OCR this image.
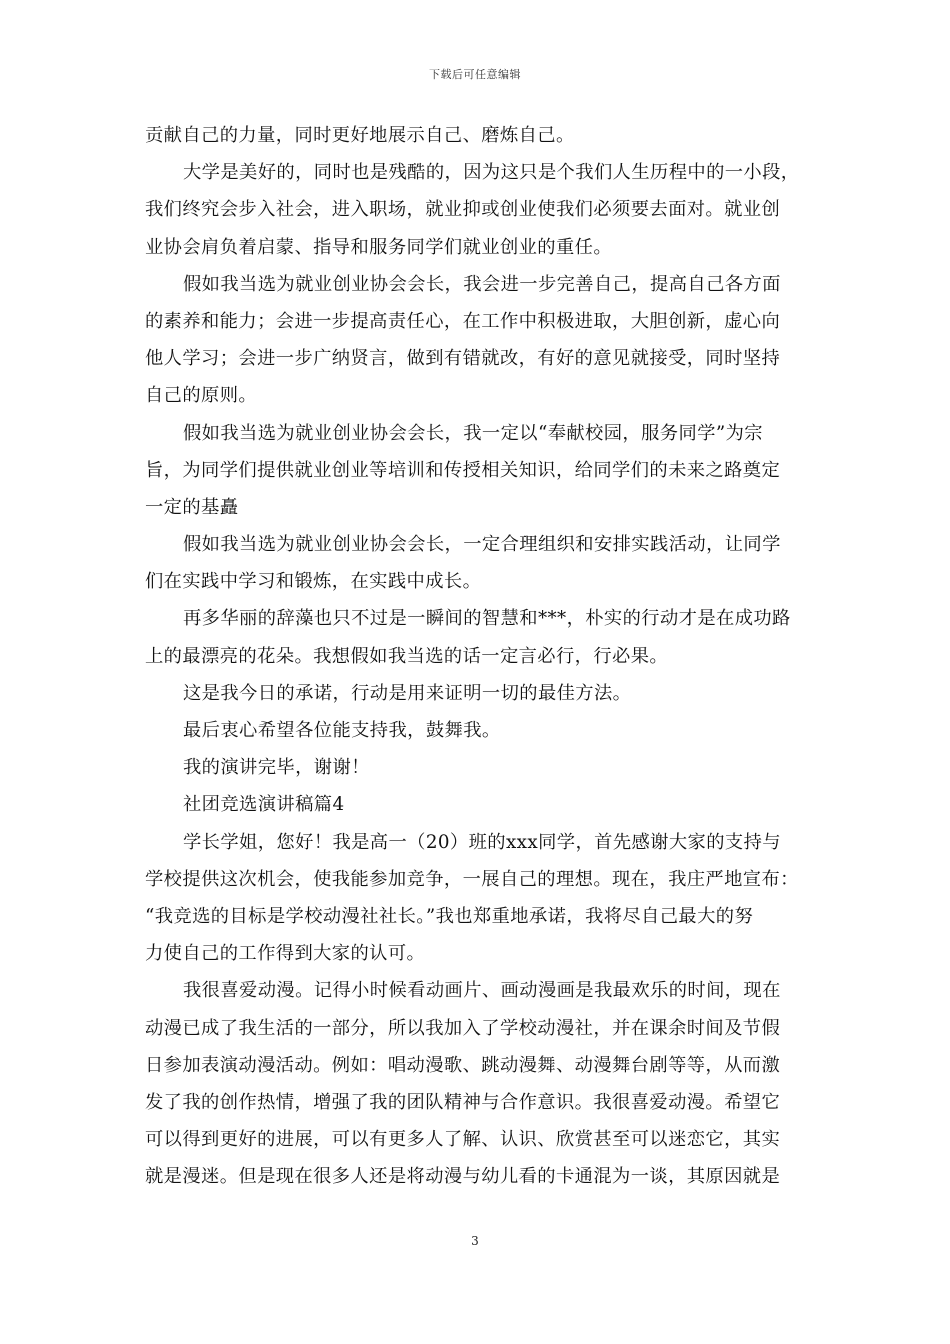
下载后可任意编辑
贡献自己的力量，同时更好地展示自己、磨炼自己。
大学是美好的，同时也是残酷的，因为这只是个我们人生历程中的一小段，
我们终究会步入社会，进入职场，就业抑或创业使我们必须要去面对。就业创
业协会肩负着启蒙、指导和服务同学们就业创业的重任。
假如我当选为就业创业协会会长，我会进一步完善自己，提高自己各方面
的素养和能力；会进一步提高责任心，在工作中积极进取，大胆创新，虚心向
他人学习；会进一步广纳贤言，做到有错就改，有好的意见就接受，同时坚持
自己的原则。
假如我当选为就业创业协会会长，我一定以“奉献校园，服务同学”为宗
旨，为同学们提供就业创业等培训和传授相关知识，给同学们的未来之路奠定
一定的基矗
假如我当选为就业创业协会会长，一定合理组织和安排实践活动，让同学
们在实践中学习和锻炼，在实践中成长。
再多华丽的辞藻也只不过是一瞬间的智慧和***，朴实的行动才是在成功路
上的最漂亮的花朵。我想假如我当选的话一定言必行，行必果。
这是我今日的承诺，行动是用来证明一切的最佳方法。
最后衷心希望各位能支持我，鼓舞我。
我的演讲完毕，谢谢！
社团竞选演讲稿篇4
学长学姐，您好！我是高一（20）班的xxx同学，首先感谢大家的支持与
学校提供这次机会，使我能参加竞争，一展自己的理想。现在，我庄严地宣布：
“我竞选的目标是学校动漫社社长。”我也郑重地承诺，我将尽自己最大的努
力使自己的工作得到大家的认可。
我很喜爱动漫。记得小时候看动画片、画动漫画是我最欢乐的时间，现在
动漫已成了我生活的一部分，所以我加入了学校动漫社，并在课余时间及节假
日参加表演动漫活动。例如：唱动漫歌、跳动漫舞、动漫舞台剧等等，从而激
发了我的创作热情，增强了我的团队精神与合作意识。我很喜爱动漫。希望它
可以得到更好的进展，可以有更多人了解、认识、欣赏甚至可以迷恋它，其实
就是漫迷。但是现在很多人还是将动漫与幼儿看的卡通混为一谈，其原因就是
3
